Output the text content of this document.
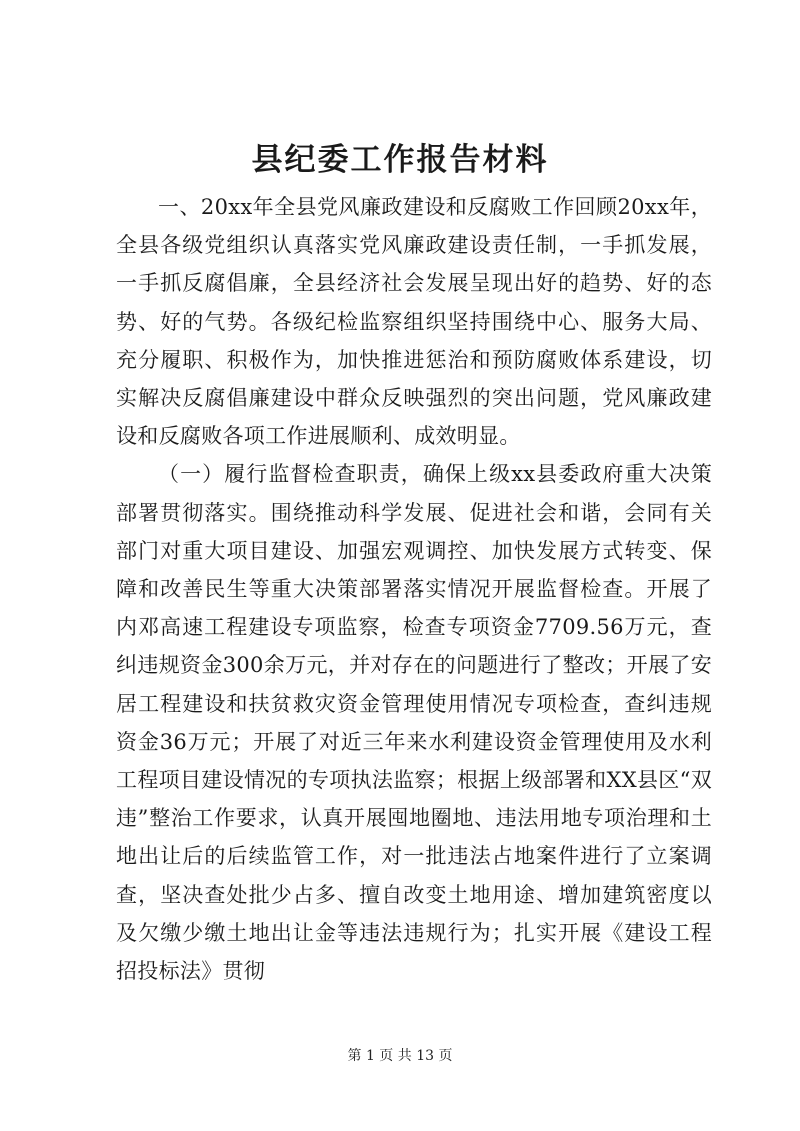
县纪委工作报告材料

一、20xx年全县党风廉政建设和反腐败工作回顾20xx年，全县各级党组织认真落实党风廉政建设责任制，一手抓发展，一手抓反腐倡廉，全县经济社会发展呈现出好的趋势、好的态势、好的气势。各级纪检监察组织坚持围绕中心、服务大局、充分履职、积极作为，加快推进惩治和预防腐败体系建设，切实解决反腐倡廉建设中群众反映强烈的突出问题，党风廉政建设和反腐败各项工作进展顺利、成效明显。

（一）履行监督检查职责，确保上级xx县委政府重大决策部署贯彻落实。围绕推动科学发展、促进社会和谐，会同有关部门对重大项目建设、加强宏观调控、加快发展方式转变、保障和改善民生等重大决策部署落实情况开展监督检查。开展了内邓高速工程建设专项监察，检查专项资金7709.56万元，查纠违规资金300余万元，并对存在的问题进行了整改；开展了安居工程建设和扶贫救灾资金管理使用情况专项检查，查纠违规资金36万元；开展了对近三年来水利建设资金管理使用及水利工程项目建设情况的专项执法监察；根据上级部署和XX县区“双违”整治工作要求，认真开展囤地圈地、违法用地专项治理和土地出让后的后续监管工作，对一批违法占地案件进行了立案调查，坚决查处批少占多、擅自改变土地用途、增加建筑密度以及欠缴少缴土地出让金等违法违规行为；扎实开展《建设工程招投标法》贯彻

第 1 页 共 13 页
